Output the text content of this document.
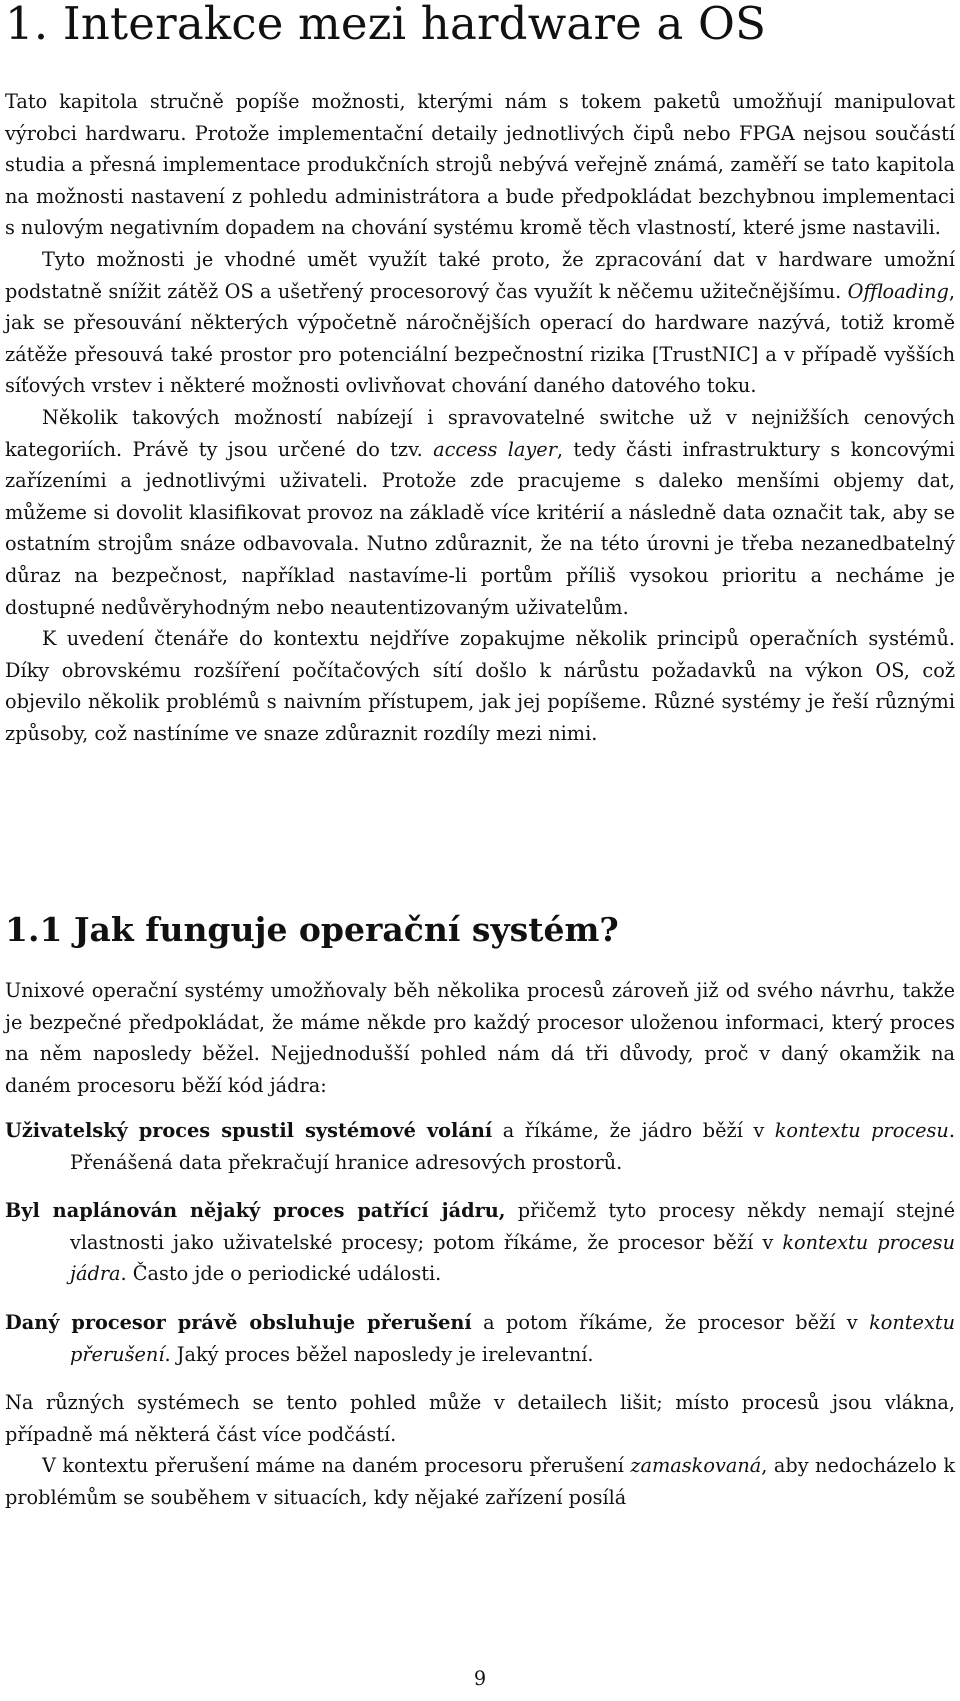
1. Interakce mezi hardware a OS

Tato kapitola stručně popíše možnosti, kterými nám s tokem paketů umožňují manipulovat výrobci hardwaru. Protože implementační detaily jednotlivých čipů nebo FPGA nejsou součástí studia a přesná implementace produkčních strojů nebývá veřejně známá, zaměří se tato kapitola na možnosti nastavení z pohledu administrátora a bude předpokládat bezchybnou implementaci s nulovým negativním dopadem na chování systému kromě těch vlastností, které jsme nastavili.

Tyto možnosti je vhodné umět využít také proto, že zpracování dat v hardware umožní podstatně snížit zátěž OS a ušetřený procesorový čas využít k něčemu užitečnějšímu. Offloading, jak se přesouvání některých výpočetně náročnějších operací do hardware nazývá, totiž kromě zátěže přesouvá také prostor pro potenciální bezpečnostní rizika [TrustNIC] a v případě vyšších síťových vrstev i některé možnosti ovlivňovat chování daného datového toku.

Několik takových možností nabízejí i spravovatelné switche už v nejnižších cenových kategoriích. Právě ty jsou určené do tzv. access layer, tedy části infrastruktury s koncovými zařízeními a jednotlivými uživateli. Protože zde pracujeme s daleko menšími objemy dat, můžeme si dovolit klasifikovat provoz na základě více kritérií a následně data označit tak, aby se ostatním strojům snáze odbavovala. Nutno zdůraznit, že na této úrovni je třeba nezanedbatelný důraz na bezpečnost, například nastavíme-li portům příliš vysokou prioritu a necháme je dostupné nedůvěryhodným nebo neautentizovaným uživatelům.

K uvedení čtenáře do kontextu nejdříve zopakujme několik principů operačních systémů. Díky obrovskému rozšíření počítačových sítí došlo k nárůstu požadavků na výkon OS, což objevilo několik problémů s naivním přístupem, jak jej popíšeme. Různé systémy je řeší různými způsoby, což nastíníme ve snaze zdůraznit rozdíly mezi nimi.

1.1 Jak funguje operační systém?

Unixové operační systémy umožňovaly běh několika procesů zároveň již od svého návrhu, takže je bezpečné předpokládat, že máme někde pro každý procesor uloženou informaci, který proces na něm naposledy běžel. Nejjednodušší pohled nám dá tři důvody, proč v daný okamžik na daném procesoru běží kód jádra:

Uživatelský proces spustil systémové volání a říkáme, že jádro běží v kontextu procesu. Přenášená data překračují hranice adresových prostorů.

Byl naplánován nějaký proces patřící jádru, přičemž tyto procesy někdy nemají stejné vlastnosti jako uživatelské procesy; potom říkáme, že procesor běží v kontextu procesu jádra. Často jde o periodické události.

Daný procesor právě obsluhuje přerušení a potom říkáme, že procesor běží v kontextu přerušení. Jaký proces běžel naposledy je irelevantní.

Na různých systémech se tento pohled může v detailech lišit; místo procesů jsou vlákna, případně má některá část více podčástí.

V kontextu přerušení máme na daném procesoru přerušení zamaskovaná, aby nedocházelo k problémům se souběhem v situacích, kdy nějaké zařízení posílá

9
